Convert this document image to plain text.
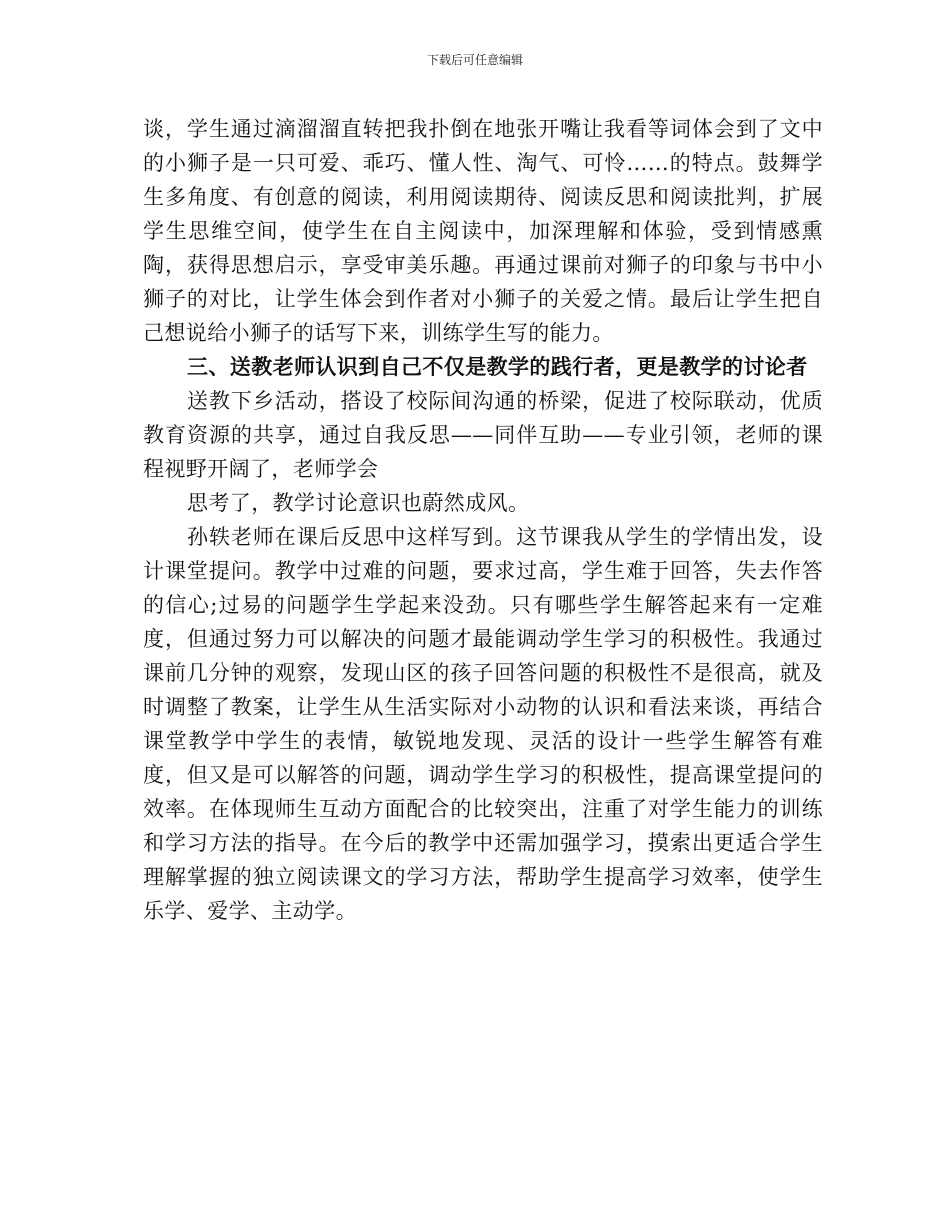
下载后可任意编辑

谈，学生通过滴溜溜直转把我扑倒在地张开嘴让我看等词体会到了文中的小狮子是一只可爱、乖巧、懂人性、淘气、可怜……的特点。鼓舞学生多角度、有创意的阅读，利用阅读期待、阅读反思和阅读批判，扩展学生思维空间，使学生在自主阅读中，加深理解和体验，受到情感熏陶，获得思想启示，享受审美乐趣。再通过课前对狮子的印象与书中小狮子的对比，让学生体会到作者对小狮子的关爱之情。最后让学生把自己想说给小狮子的话写下来，训练学生写的能力。

三、送教老师认识到自己不仅是教学的践行者，更是教学的讨论者

送教下乡活动，搭设了校际间沟通的桥梁，促进了校际联动，优质教育资源的共享，通过自我反思——同伴互助——专业引领，老师的课程视野开阔了，老师学会

思考了，教学讨论意识也蔚然成风。

孙轶老师在课后反思中这样写到。这节课我从学生的学情出发，设计课堂提问。教学中过难的问题，要求过高，学生难于回答，失去作答的信心;过易的问题学生学起来没劲。只有哪些学生解答起来有一定难度，但通过努力可以解决的问题才最能调动学生学习的积极性。我通过课前几分钟的观察，发现山区的孩子回答问题的积极性不是很高，就及时调整了教案，让学生从生活实际对小动物的认识和看法来谈，再结合课堂教学中学生的表情，敏锐地发现、灵活的设计一些学生解答有难度，但又是可以解答的问题，调动学生学习的积极性，提高课堂提问的效率。在体现师生互动方面配合的比较突出，注重了对学生能力的训练和学习方法的指导。在今后的教学中还需加强学习，摸索出更适合学生理解掌握的独立阅读课文的学习方法，帮助学生提高学习效率，使学生乐学、爱学、主动学。
